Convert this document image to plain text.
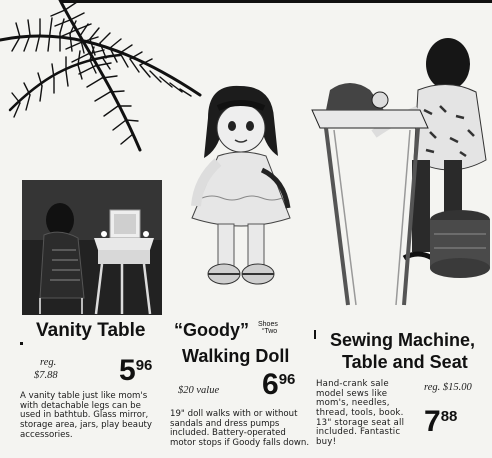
Vanity Table
reg.
$7.88 596
A vanity table just like mom's with detachable legs can be used in bathtub. Glass mirror, storage area, jars, play beauty accessories.
“Goody” Shoes
“Two
Walking Doll
$20 value 696
19" doll walks with or without sandals and dress pumps included. Battery-operated motor stops if Goody falls down.
Sewing Machine,
Table and Seat
Hand-crank sale model sews like mom's, needles, thread, tools, book. 13" storage seat all included. Fantastic buy!
reg. $15.00
788
